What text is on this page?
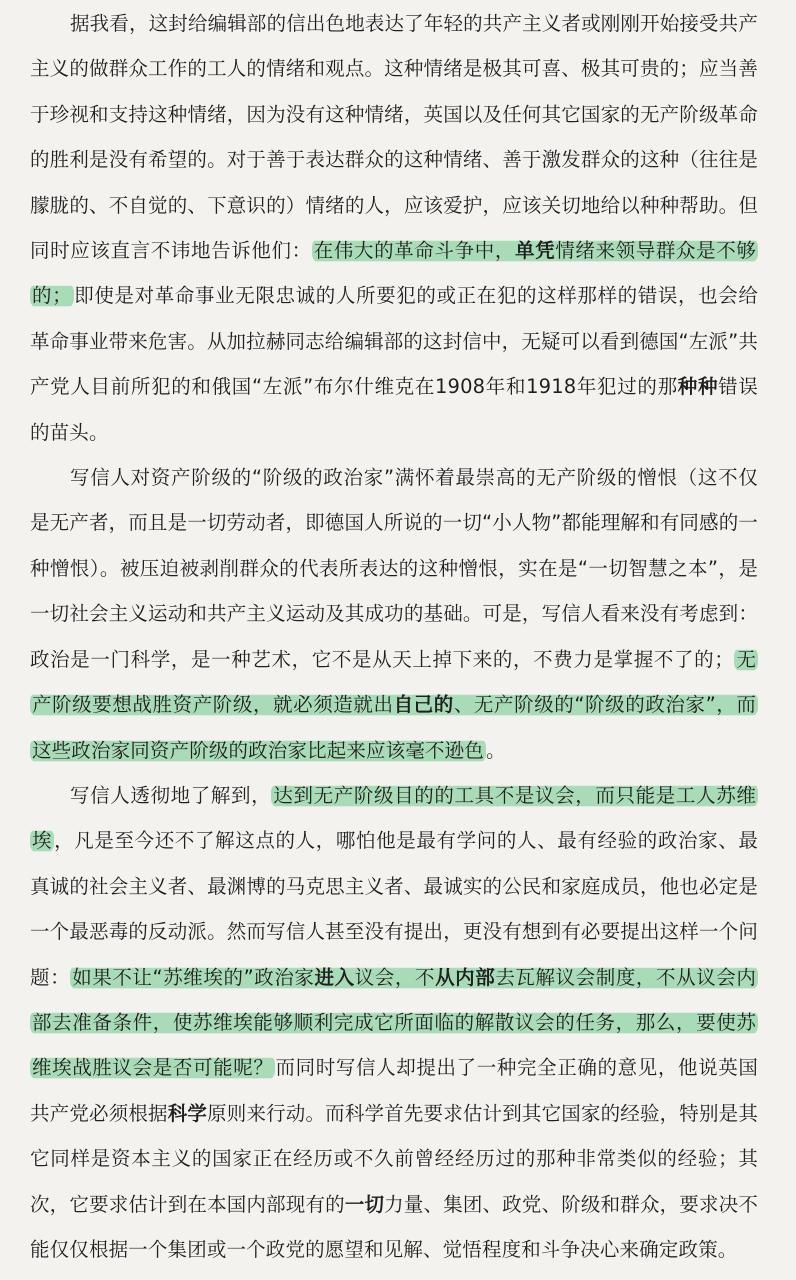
据我看，这封给编辑部的信出色地表达了年轻的共产主义者或刚刚开始接受共产主义的做群众工作的工人的情绪和观点。这种情绪是极其可喜、极其可贵的；应当善于珍视和支持这种情绪，因为没有这种情绪，英国以及任何其它国家的无产阶级革命的胜利是没有希望的。对于善于表达群众的这种情绪、善于激发群众的这种（往往是朦胧的、不自觉的、下意识的）情绪的人，应该爱护，应该关切地给以种种帮助。但同时应该直言不讳地告诉他们： 在伟大的革命斗争中，单凭情绪来领导群众是不够的； 即使是对革命事业无限忠诚的人所要犯的或正在犯的这样那样的错误，也会给革命事业带来危害。从加拉赫同志给编辑部的这封信中，无疑可以看到德国“左派”共产党人目前所犯的和俄国“左派”布尔什维克在1908年和1918年犯过的那种种错误的苗头。

写信人对资产阶级的“阶级的政治家”满怀着最崇高的无产阶级的憎恨（这不仅是无产者，而且是一切劳动者，即德国人所说的一切“小人物”都能理解和有同感的一种憎恨）。被压迫被剥削群众的代表所表达的这种憎恨，实在是“一切智慧之本”，是一切社会主义运动和共产主义运动及其成功的基础。可是，写信人看来没有考虑到：政治是一门科学，是一种艺术，它不是从天上掉下来的，不费力是掌握不了的； 无产阶级要想战胜资产阶级，就必须造就出自己的、无产阶级的“阶级的政治家”，而这些政治家同资产阶级的政治家比起来应该毫不逊色 。

写信人透彻地了解到， 达到无产阶级目的的工具不是议会，而只能是工人苏维埃 ，凡是至今还不了解这点的人，哪怕他是最有学问的人、最有经验的政治家、最真诚的社会主义者、最渊博的马克思主义者、最诚实的公民和家庭成员，他也必定是一个最恶毒的反动派。然而写信人甚至没有提出，更没有想到有必要提出这样一个问题： 如果不让“苏维埃的”政治家进入议会，不从内部去瓦解议会制度，不从议会内部去准备条件，使苏维埃能够顺利完成它所面临的解散议会的任务，那么，要使苏维埃战胜议会是否可能呢？ 而同时写信人却提出了一种完全正确的意见，他说英国共产党必须根据科学原则来行动。而科学首先要求估计到其它国家的经验，特别是其它同样是资本主义的国家正在经历或不久前曾经经历过的那种非常类似的经验；其次，它要求估计到在本国内部现有的一切力量、集团、政党、阶级和群众，要求决不能仅仅根据一个集团或一个政党的愿望和见解、觉悟程度和斗争决心来确定政策。
